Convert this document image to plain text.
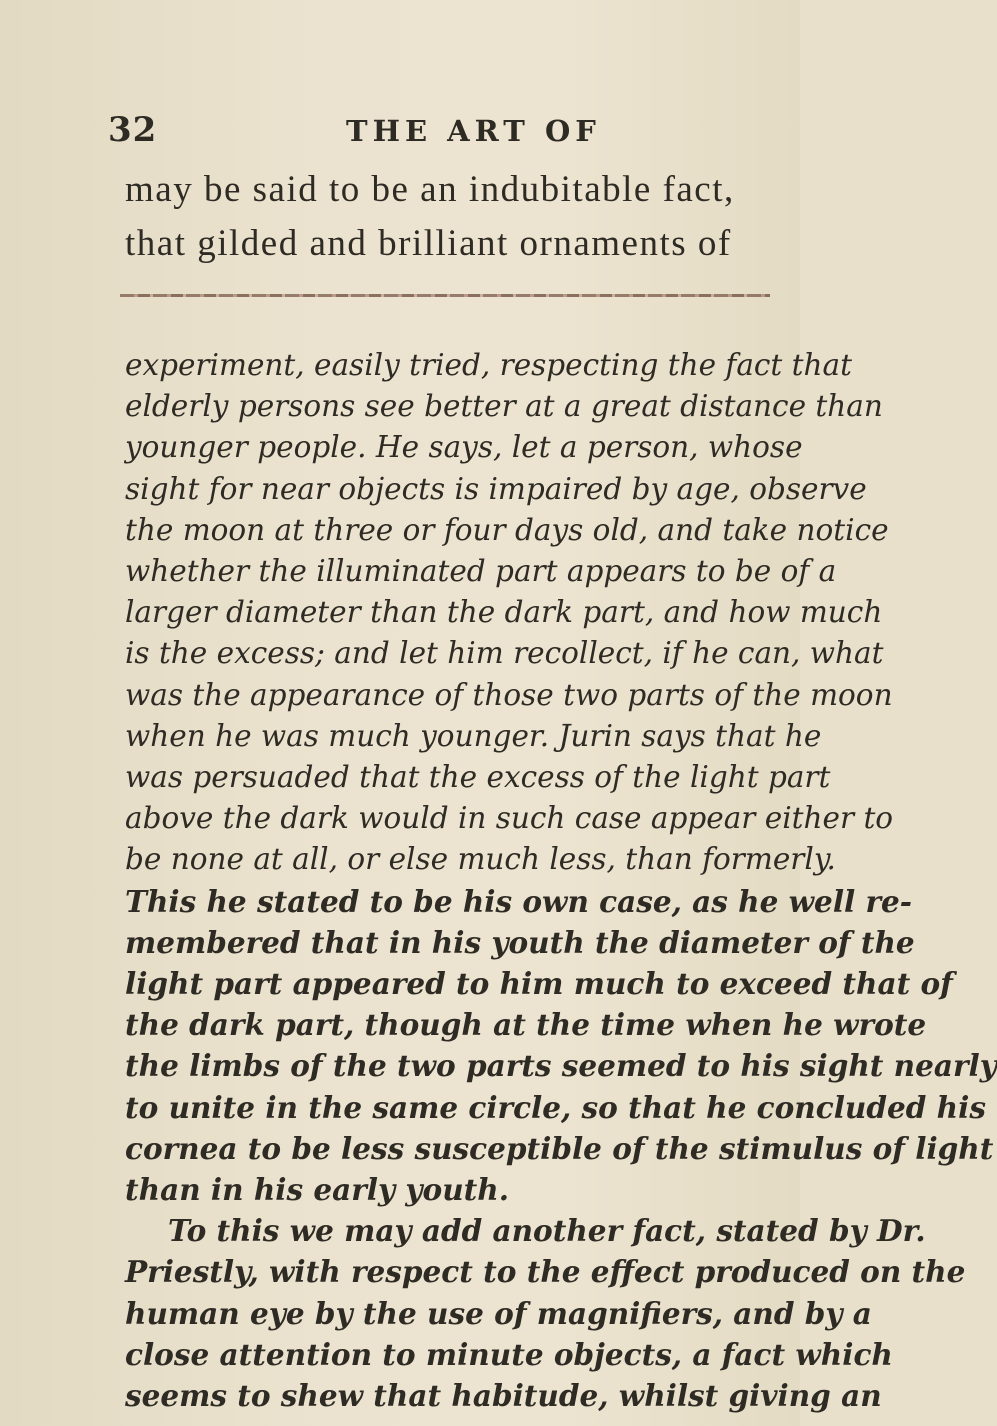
32	THE ART OF
may be said to be an indubitable fact,
that gilded and brilliant ornaments of
experiment, easily tried, respecting the fact that
elderly persons see better at a great distance than
younger people. He says, let a person, whose
sight for near objects is impaired by age, observe
the moon at three or four days old, and take notice
whether the illuminated part appears to be of a
larger diameter than the dark part, and how much
is the excess; and let him recollect, if he can, what
was the appearance of those two parts of the moon
when he was much younger. Jurin says that he
was persuaded that the excess of the light part
above the dark would in such case appear either to
be none at all, or else much less, than formerly.
This he stated to be his own case, as he well re-
membered that in his youth the diameter of the
light part appeared to him much to exceed that of
the dark part, though at the time when he wrote
the limbs of the two parts seemed to his sight nearly
to unite in the same circle, so that he concluded his
cornea to be less susceptible of the stimulus of light
than in his early youth.
To this we may add another fact, stated by Dr.
Priestly, with respect to the effect produced on the
human eye by the use of magnifiers, and by a
close attention to minute objects, a fact which
seems to shew that habitude, whilst giving an
